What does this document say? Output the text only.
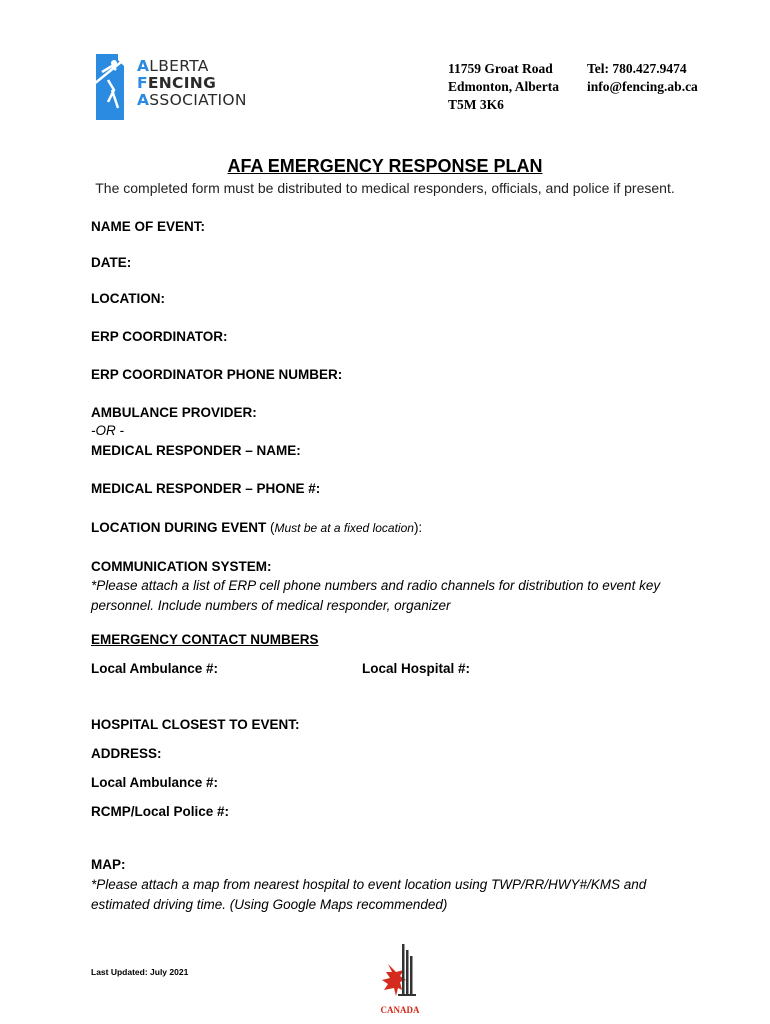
ALBERTA
FENCING
ASSOCIATION
11759 Groat Road
Edmonton, Alberta
T5M 3K6
Tel: 780.427.9474
info@fencing.ab.ca
AFA EMERGENCY RESPONSE PLAN
The completed form must be distributed to medical responders, officials, and police if present.
NAME OF EVENT:
DATE:
LOCATION:
ERP COORDINATOR:
ERP COORDINATOR PHONE NUMBER:
AMBULANCE PROVIDER:
-OR -
MEDICAL RESPONDER – NAME:
MEDICAL RESPONDER – PHONE #:
LOCATION DURING EVENT (Must be at a fixed location):
COMMUNICATION SYSTEM:
*Please attach a list of ERP cell phone numbers and radio channels for distribution to event key
personnel. Include numbers of medical responder, organizer
EMERGENCY CONTACT NUMBERS
Local Ambulance #:	Local Hospital #:
HOSPITAL CLOSEST TO EVENT:
ADDRESS:
Local Ambulance #:
RCMP/Local Police #:
MAP:
*Please attach a map from nearest hospital to event location using TWP/RR/HWY#/KMS and
estimated driving time. (Using Google Maps recommended)
Last Updated: July 2021
CANADA
